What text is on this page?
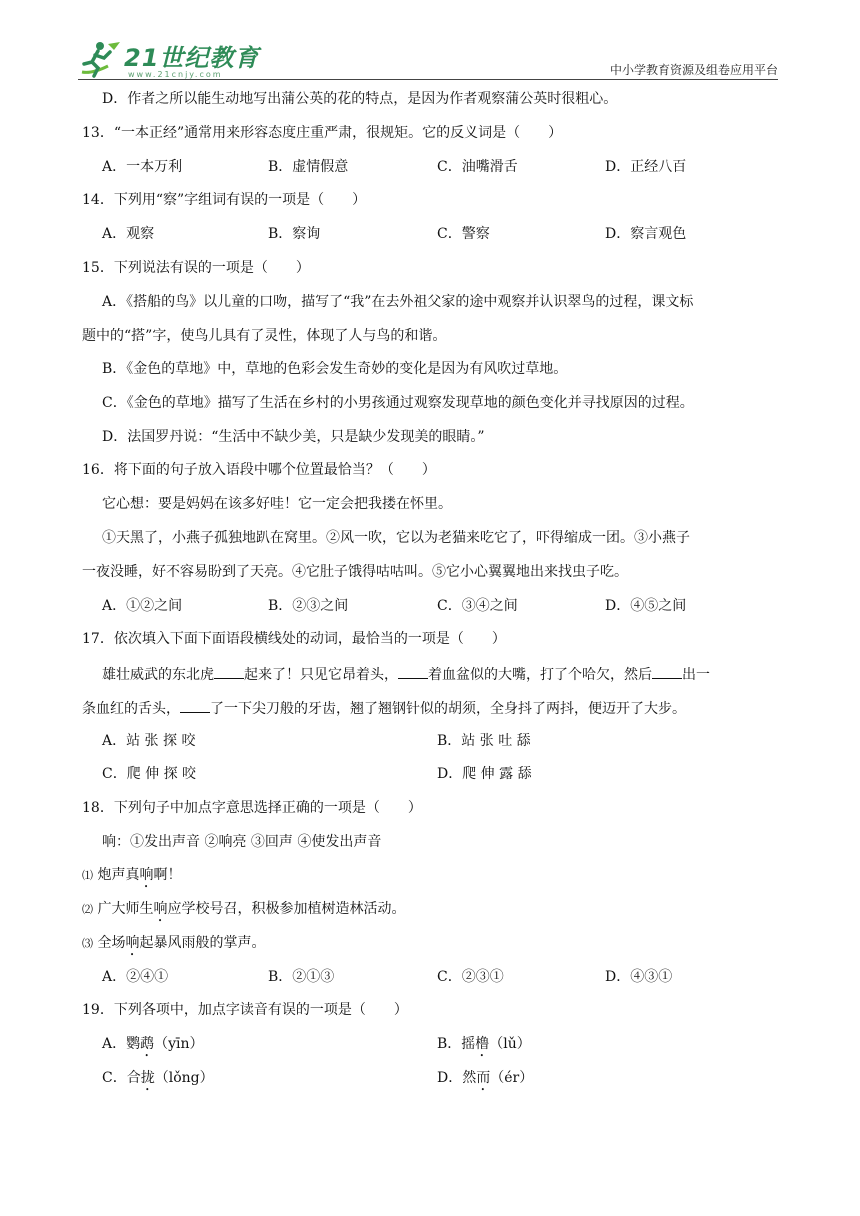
21世纪教育
www.21cnjy.com	中小学教育资源及组卷应用平台
D．作者之所以能生动地写出蒲公英的花的特点，是因为作者观察蒲公英时很粗心。
13．“一本正经”通常用来形容态度庄重严肃，很规矩。它的反义词是（　　）
A．一本万利	B．虚情假意	C．油嘴滑舌	D．正经八百
14．下列用“察”字组词有误的一项是（　　）
A．观察	B．察询	C．警察	D．察言观色
15．下列说法有误的一项是（　　）
A．《搭船的鸟》以儿童的口吻，描写了“我”在去外祖父家的途中观察并认识翠鸟的过程，课文标
题中的“搭”字，使鸟儿具有了灵性，体现了人与鸟的和谐。
B．《金色的草地》中，草地的色彩会发生奇妙的变化是因为有风吹过草地。
C．《金色的草地》描写了生活在乡村的小男孩通过观察发现草地的颜色变化并寻找原因的过程。
D．法国罗丹说：“生活中不缺少美，只是缺少发现美的眼睛。”
16．将下面的句子放入语段中哪个位置最恰当？（　　）
它心想：要是妈妈在该多好哇！它一定会把我搂在怀里。
①天黑了，小燕子孤独地趴在窝里。②风一吹，它以为老猫来吃它了，吓得缩成一团。③小燕子
一夜没睡，好不容易盼到了天亮。④它肚子饿得咕咕叫。⑤它小心翼翼地出来找虫子吃。
A．①②之间	B．②③之间	C．③④之间	D．④⑤之间
17．依次填入下面下面语段横线处的动词，最恰当的一项是（　　）
雄壮威武的东北虎 起来了！只见它昂着头， 着血盆似的大嘴，打了个哈欠，然后 出一
条血红的舌头， 了一下尖刀般的牙齿，翘了翘钢针似的胡须，全身抖了两抖，便迈开了大步。
A．站 张 探 咬	B．站 张 吐 舔
C．爬 伸 探 咬	D．爬 伸 露 舔
18．下列句子中加点字意思选择正确的一项是（　　）
响：①发出声音 ②响亮 ③回声 ④使发出声音
⑴ 炮声真响啊！
⑵ 广大师生响应学校号召，积极参加植树造林活动。
⑶ 全场响起暴风雨般的掌声。
A．②④①	B．②①③	C．②③①	D．④③①
19．下列各项中，加点字读音有误的一项是（　　）
A．鹦鹉（yīn）	B．摇橹（lǔ）
C．合拢（lǒng）	D．然而（ér）
